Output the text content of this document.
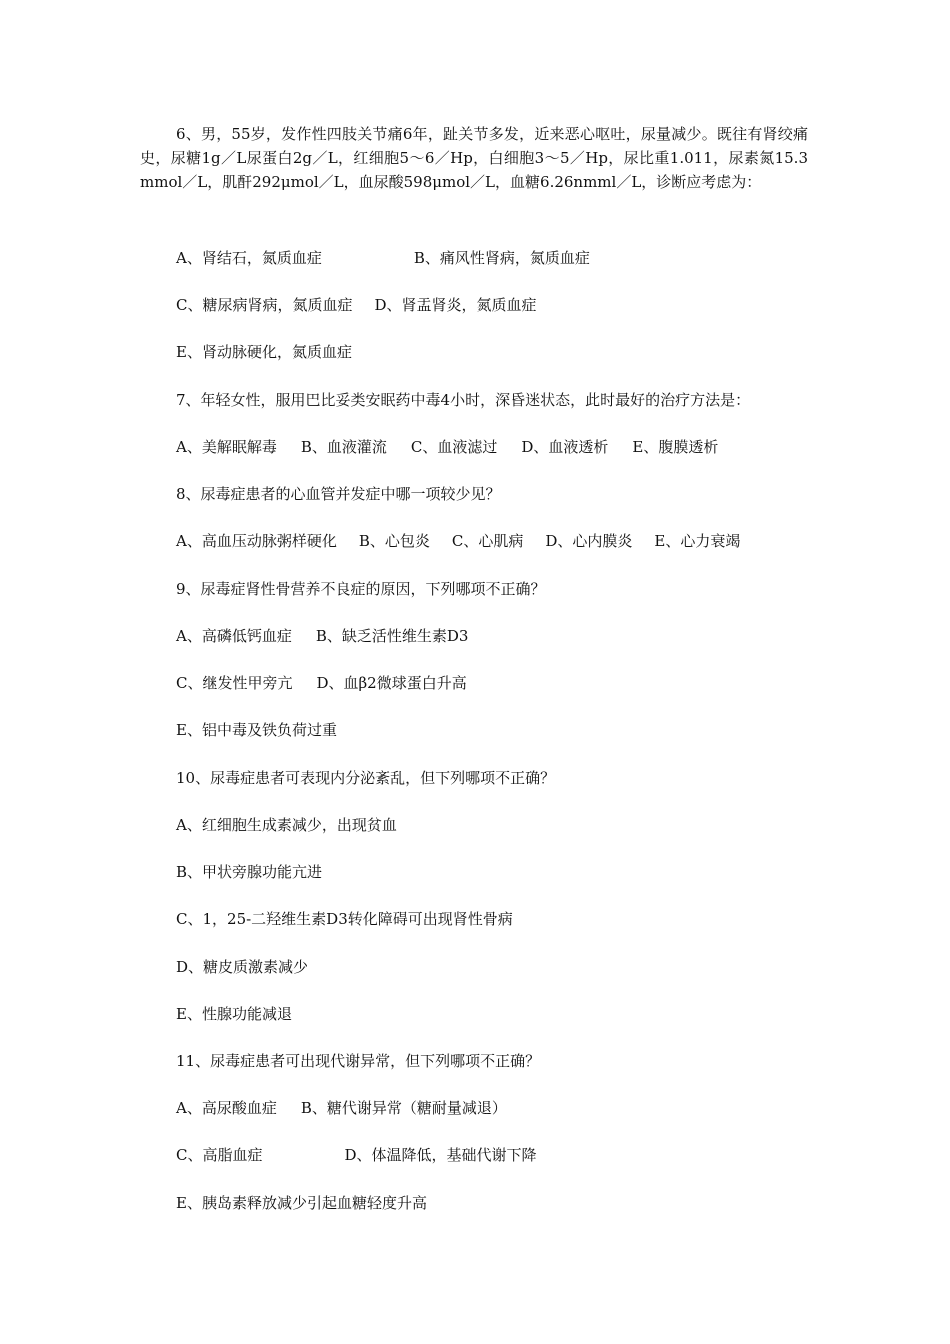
6、男，55岁，发作性四肢关节痛6年，趾关节多发，近来恶心呕吐，尿量减少。既往有肾绞痛史，尿糖1g／L尿蛋白2g／L，红细胞5～6／Hp，白细胞3～5／Hp，尿比重1.011，尿素氮15.3 mmol／L，肌酐292μmol／L，血尿酸598μmol／L，血糖6.26nmml／L，诊断应考虑为：
A、肾结石，氮质血症	B、痛风性肾病，氮质血症
C、糖尿病肾病，氮质血症 D、肾盂肾炎，氮质血症
E、肾动脉硬化，氮质血症
7、年轻女性，服用巴比妥类安眠药中毒4小时，深昏迷状态，此时最好的治疗方法是：
A、美解眠解毒 B、血液灌流 C、血液滤过 D、血液透析 E、腹膜透析
8、尿毒症患者的心血管并发症中哪一项较少见？
A、高血压动脉粥样硬化 B、心包炎 C、心肌病 D、心内膜炎 E、心力衰竭
9、尿毒症肾性骨营养不良症的原因，下列哪项不正确？
A、高磷低钙血症 B、缺乏活性维生素D3
C、继发性甲旁亢 D、血β2微球蛋白升高
E、铝中毒及铁负荷过重
10、尿毒症患者可表现内分泌紊乱，但下列哪项不正确？
A、红细胞生成素减少，出现贫血
B、甲状旁腺功能亢进
C、1，25-二羟维生素D3转化障碍可出现肾性骨病
D、糖皮质激素减少
E、性腺功能减退
11、尿毒症患者可出现代谢异常，但下列哪项不正确？
A、高尿酸血症 B、糖代谢异常（糖耐量减退）
C、高脂血症	D、体温降低，基础代谢下降
E、胰岛素释放减少引起血糖轻度升高
